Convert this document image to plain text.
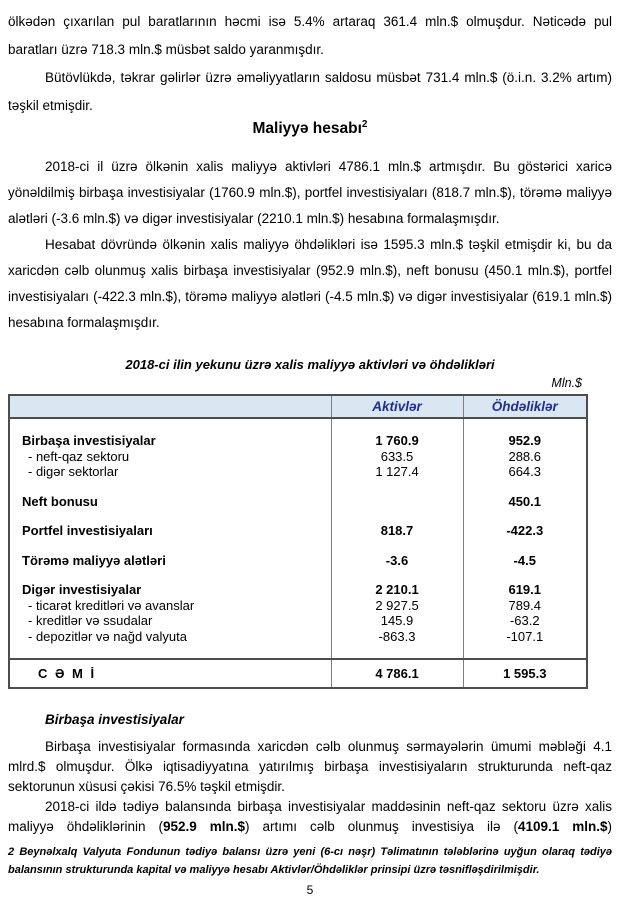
ölkədən çıxarılan pul baratlarının həcmi isə 5.4% artaraq 361.4 mln.$ olmuşdur. Nəticədə pul baratları üzrə 718.3 mln.$ müsbət saldo yaranmışdır.

Bütövlükdə, təkrar gəlirlər üzrə əməliyyatların saldosu müsbət 731.4 mln.$ (ö.i.n. 3.2% artım) təşkil etmişdir.

Maliyyə hesabı$^2$

2018-ci il üzrə ölkənin xalis maliyyə aktivləri 4786.1 mln.$ artmışdır. Bu göstərici xaricə yönəldilmiş birbaşa investisiyalar (1760.9 mln.$), portfel investisiyaları (818.7 mln.$), törəmə maliyyə alətləri (-3.6 mln.$) və digər investisiyalar (2210.1 mln.$) hesabına formalaşmışdır.

Hesabat dövründə ölkənin xalis maliyyə öhdəlikləri isə 1595.3 mln.$ təşkil etmişdir ki, bu da xaricdən cəlb olunmuş xalis birbaşa investisiyalar (952.9 mln.$), neft bonusu (450.1 mln.$), portfel investisiyaları (-422.3 mln.$), törəmə maliyyə alətləri (-4.5 mln.$) və digər investisiyalar (619.1 mln.$) hesabına formalaşmışdır.

2018-ci ilin yekunu üzrə xalis maliyyə aktivləri və öhdəlikləri
Mln.$
	Aktivlər	Öhdəliklər

Birbaşa investisiyalar	1 760.9	952.9
- neft-qaz sektoru	633.5	288.6
- digər sektorlar	1 127.4	664.3

Neft bonusu		450.1

Portfel investisiyaları	818.7	-422.3

Törəmə maliyyə alətləri	-3.6	-4.5

Digər investisiyalar	2 210.1	619.1
- ticarət kreditləri və avanslar	2 927.5	789.4
- kreditlər və ssudalar	145.9	-63.2
- depozitlər və nağd valyuta	-863.3	-107.1

C Ə M İ	4 786.1	1 595.3
Birbaşa investisiyalar

Birbaşa investisiyalar formasında xaricdən cəlb olunmuş sərmayələrin ümumi məbləği 4.1 mlrd.$ olmuşdur. Ölkə iqtisadiyyatına yatırılmış birbaşa investisiyaların strukturunda neft-qaz sektorunun xüsusi çəkisi 76.5% təşkil etmişdir.

2018-ci ildə tədiyə balansında birbaşa investisiyalar maddəsinin neft-qaz sektoru üzrə xalis maliyyə öhdəliklərinin (952.9 mln.$) artımı cəlb olunmuş investisiya ilə (4109.1 mln.$)

2 Beynəlxalq Valyuta Fondunun tədiyə balansı üzrə yeni (6-cı nəşr) Təlimatının tələblərinə uyğun olaraq tədiyə balansının strukturunda kapital və maliyyə hesabı Aktivlər/Öhdəliklər prinsipi üzrə təsnifləşdirilmişdir.

5
